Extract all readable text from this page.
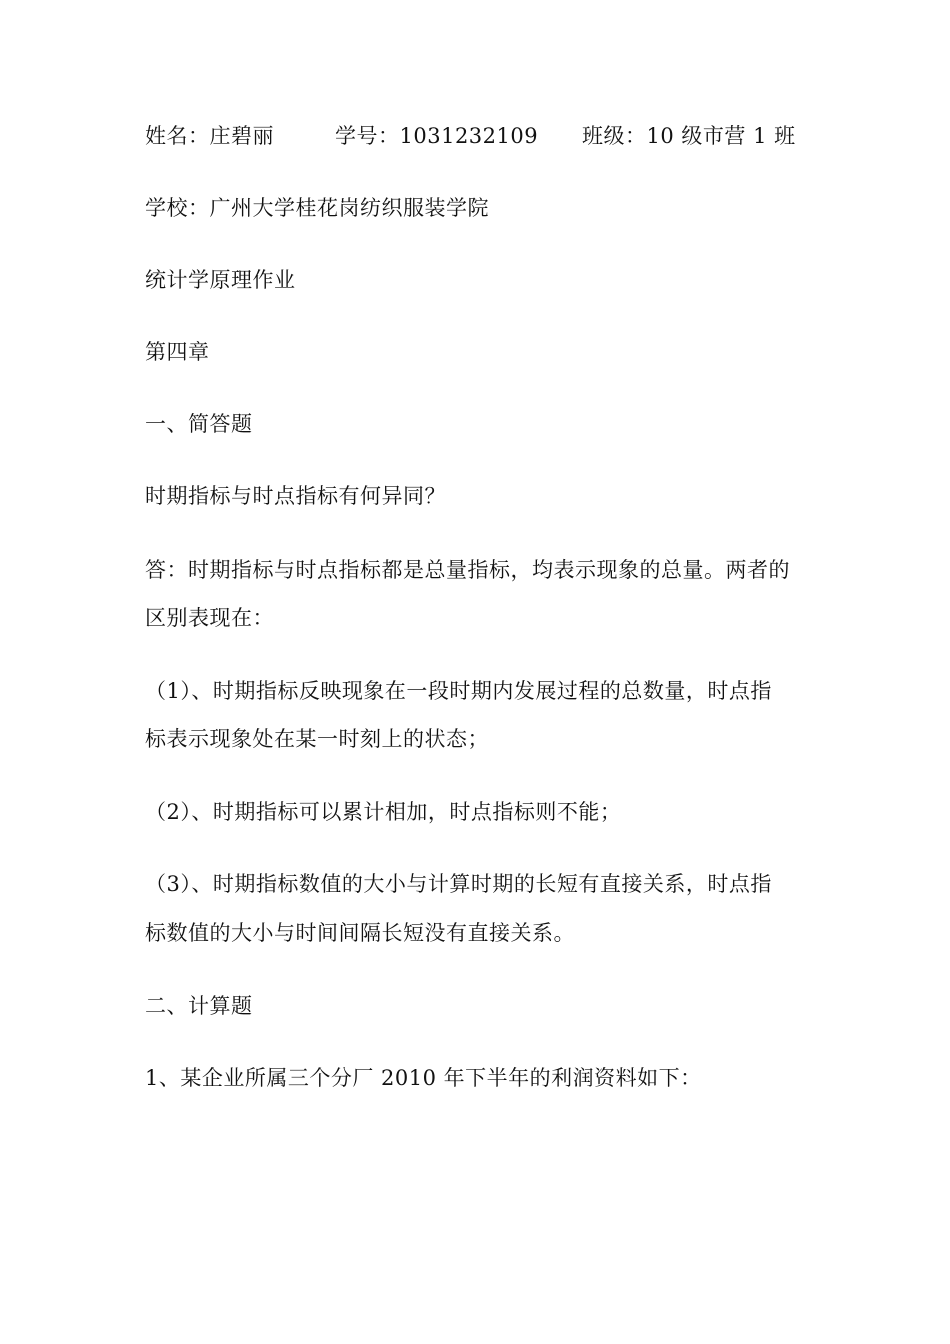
姓名：庄碧丽	学号：1031232109 班级：10 级市营 1 班
学校：广州大学桂花岗纺织服装学院
统计学原理作业
第四章
一、简答题
时期指标与时点指标有何异同？
答：时期指标与时点指标都是总量指标，均表示现象的总量。两者的
区别表现在：
（1）、时期指标反映现象在一段时期内发展过程的总数量，时点指
标表示现象处在某一时刻上的状态；
（2）、时期指标可以累计相加，时点指标则不能；
（3）、时期指标数值的大小与计算时期的长短有直接关系，时点指
标数值的大小与时间间隔长短没有直接关系。
二、计算题
1、某企业所属三个分厂 2010 年下半年的利润资料如下：
